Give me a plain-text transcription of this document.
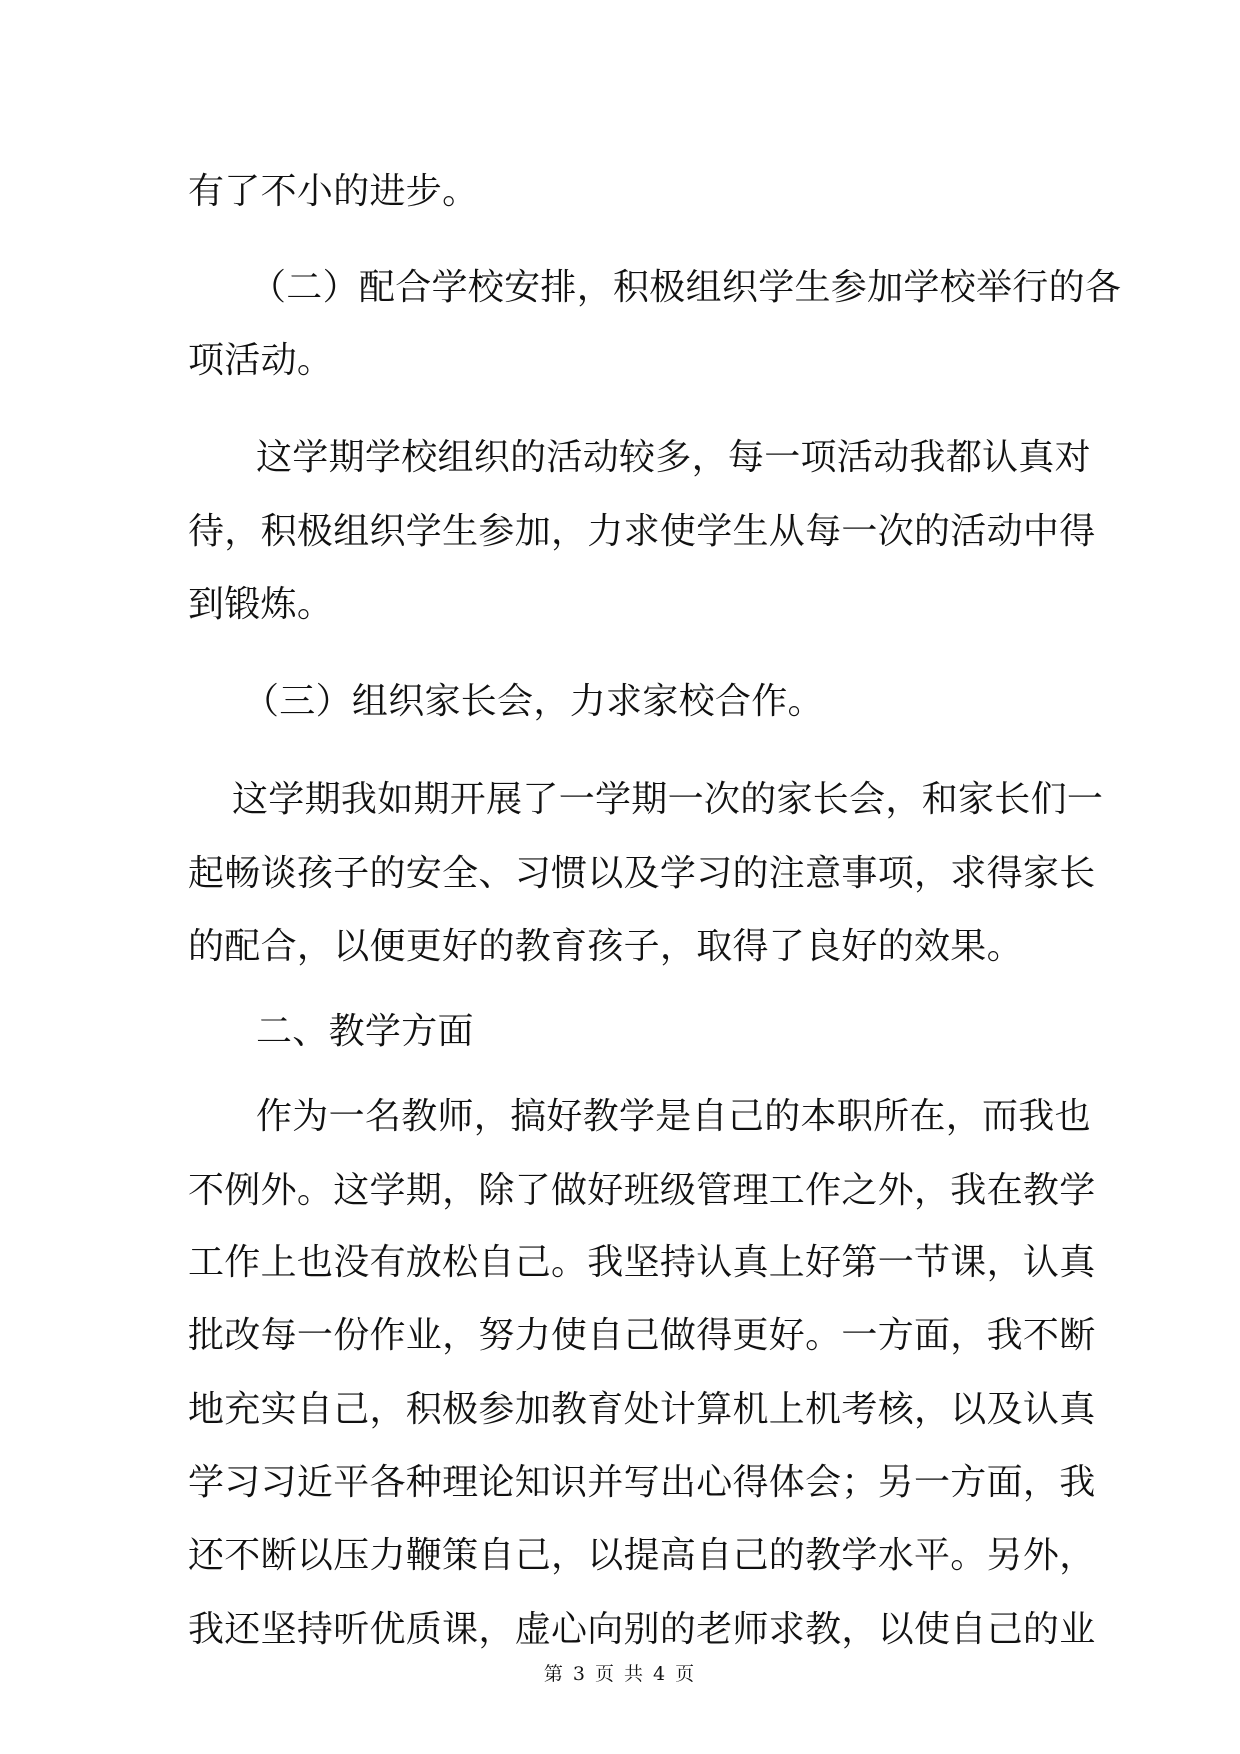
有了不小的进步。
（二）配合学校安排，积极组织学生参加学校举行的各
项活动。
这学期学校组织的活动较多，每一项活动我都认真对
待，积极组织学生参加，力求使学生从每一次的活动中得
到锻炼。
（三）组织家长会，力求家校合作。
这学期我如期开展了一学期一次的家长会，和家长们一
起畅谈孩子的安全、习惯以及学习的注意事项，求得家长
的配合，以便更好的教育孩子，取得了良好的效果。
二、教学方面
作为一名教师，搞好教学是自己的本职所在，而我也
不例外。这学期，除了做好班级管理工作之外，我在教学
工作上也没有放松自己。我坚持认真上好第一节课，认真
批改每一份作业，努力使自己做得更好。一方面，我不断
地充实自己，积极参加教育处计算机上机考核，以及认真
学习习近平各种理论知识并写出心得体会；另一方面，我
还不断以压力鞭策自己，以提高自己的教学水平。另外，
我还坚持听优质课，虚心向别的老师求教，以使自己的业
第 3 页 共 4 页
